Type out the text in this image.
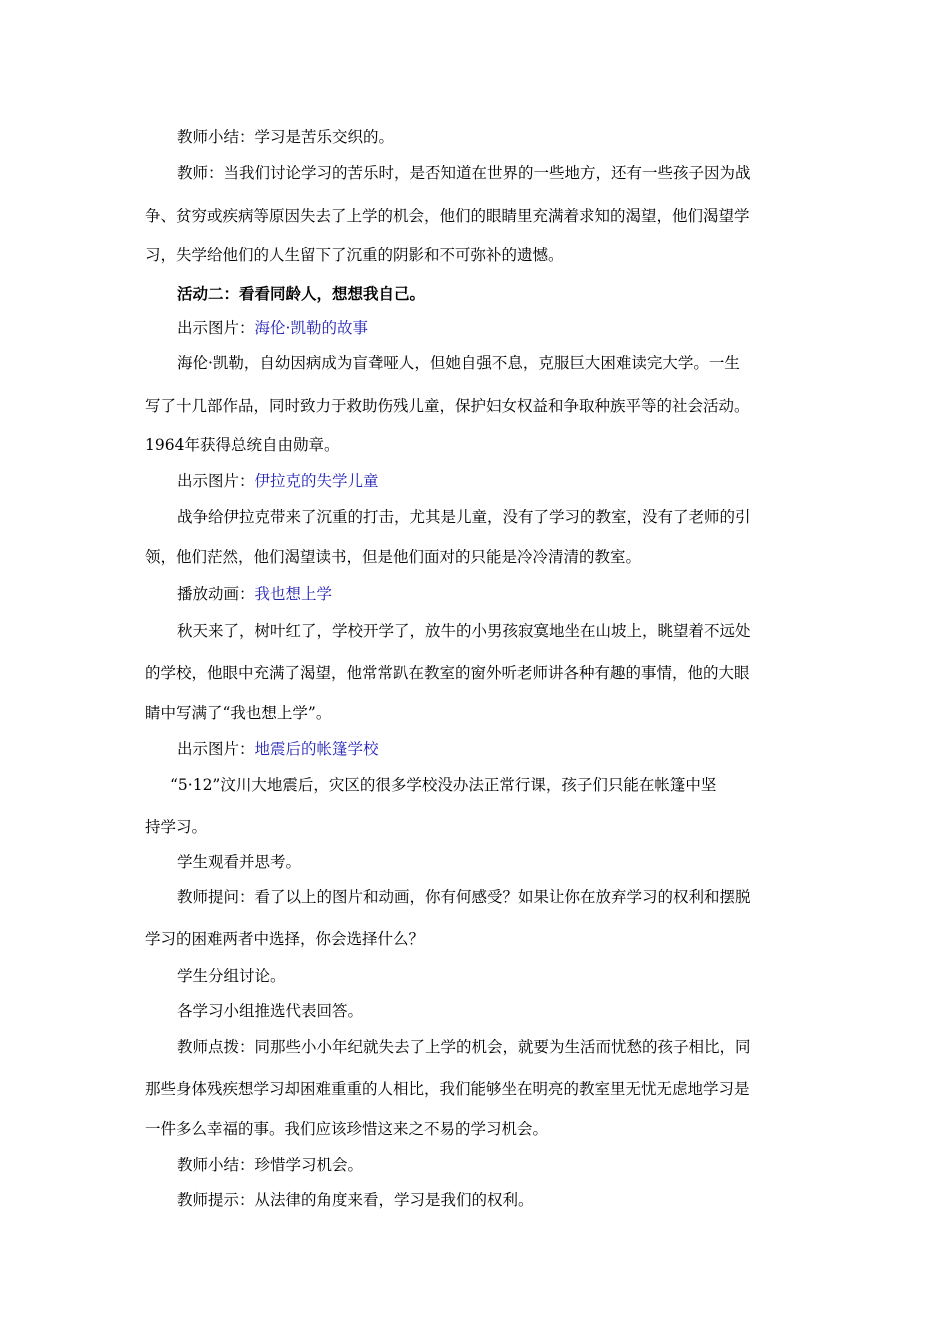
教师小结：学习是苦乐交织的。
教师：当我们讨论学习的苦乐时，是否知道在世界的一些地方，还有一些孩子因为战
争、贫穷或疾病等原因失去了上学的机会，他们的眼睛里充满着求知的渴望，他们渴望学
习，失学给他们的人生留下了沉重的阴影和不可弥补的遗憾。
活动二：看看同龄人，想想我自己。
出示图片：海伦·凯勒的故事
海伦·凯勒，自幼因病成为盲聋哑人，但她自强不息，克服巨大困难读完大学。一生
写了十几部作品，同时致力于救助伤残儿童，保护妇女权益和争取种族平等的社会活动。
1964年获得总统自由勋章。
出示图片：伊拉克的失学儿童
战争给伊拉克带来了沉重的打击，尤其是儿童，没有了学习的教室，没有了老师的引
领，他们茫然，他们渴望读书，但是他们面对的只能是冷冷清清的教室。
播放动画：我也想上学
秋天来了，树叶红了，学校开学了，放牛的小男孩寂寞地坐在山坡上，眺望着不远处
的学校，他眼中充满了渴望，他常常趴在教室的窗外听老师讲各种有趣的事情，他的大眼
睛中写满了“我也想上学”。
出示图片：地震后的帐篷学校
“5·12”汶川大地震后，灾区的很多学校没办法正常行课，孩子们只能在帐篷中坚
持学习。
学生观看并思考。
教师提问：看了以上的图片和动画，你有何感受？如果让你在放弃学习的权利和摆脱
学习的困难两者中选择，你会选择什么？
学生分组讨论。
各学习小组推选代表回答。
教师点拨：同那些小小年纪就失去了上学的机会，就要为生活而忧愁的孩子相比，同
那些身体残疾想学习却困难重重的人相比，我们能够坐在明亮的教室里无忧无虑地学习是
一件多么幸福的事。我们应该珍惜这来之不易的学习机会。
教师小结：珍惜学习机会。
教师提示：从法律的角度来看，学习是我们的权利。
